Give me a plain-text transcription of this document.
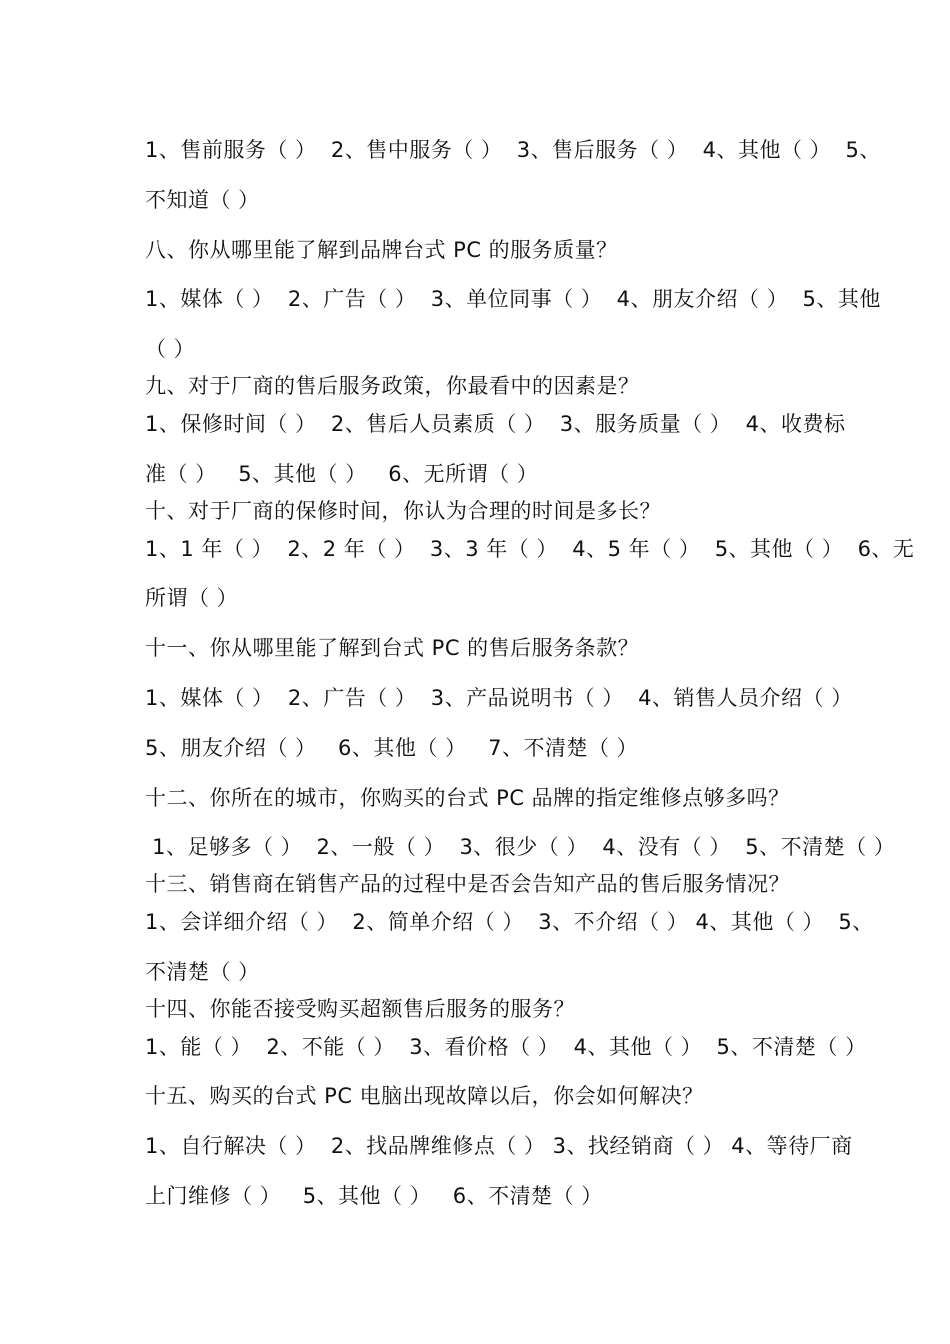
1、售前服务（ ）  2、售中服务（ ）  3、售后服务（ ）  4、其他（ ）  5、
不知道（ ）
八、你从哪里能了解到品牌台式 PC 的服务质量？
1、媒体（ ）  2、广告（ ）  3、单位同事（ ）  4、朋友介绍（ ）  5、其他
（ ）
九、对于厂商的售后服务政策，你最看中的因素是？
1、保修时间（ ）  2、售后人员素质（ ）  3、服务质量（ ）  4、收费标
准（ ）   5、其他（ ）   6、无所谓（ ）
十、对于厂商的保修时间，你认为合理的时间是多长？
1、1 年（ ）  2、2 年（ ）  3、3 年（ ）  4、5 年（ ）  5、其他（ ）  6、无
所谓（ ）
十一、你从哪里能了解到台式 PC 的售后服务条款？
1、媒体（ ）  2、广告（ ）  3、产品说明书（ ）  4、销售人员介绍（ ）
5、朋友介绍（ ）   6、其他（ ）   7、不清楚（ ）
十二、你所在的城市，你购买的台式 PC 品牌的指定维修点够多吗？
1、足够多（ ）  2、一般（ ）  3、很少（ ）  4、没有（ ）  5、不清楚（ ）
十三、销售商在销售产品的过程中是否会告知产品的售后服务情况？
1、会详细介绍（ ）  2、简单介绍（ ）  3、不介绍（ ） 4、其他（ ）  5、
不清楚（ ）
十四、你能否接受购买超额售后服务的服务？
1、能（ ）  2、不能（ ）  3、看价格（ ）  4、其他（ ）  5、不清楚（ ）
十五、购买的台式 PC 电脑出现故障以后，你会如何解决？
1、自行解决（ ）  2、找品牌维修点（ ） 3、找经销商（ ） 4、等待厂商
上门维修（ ）   5、其他（ ）   6、不清楚（ ）
